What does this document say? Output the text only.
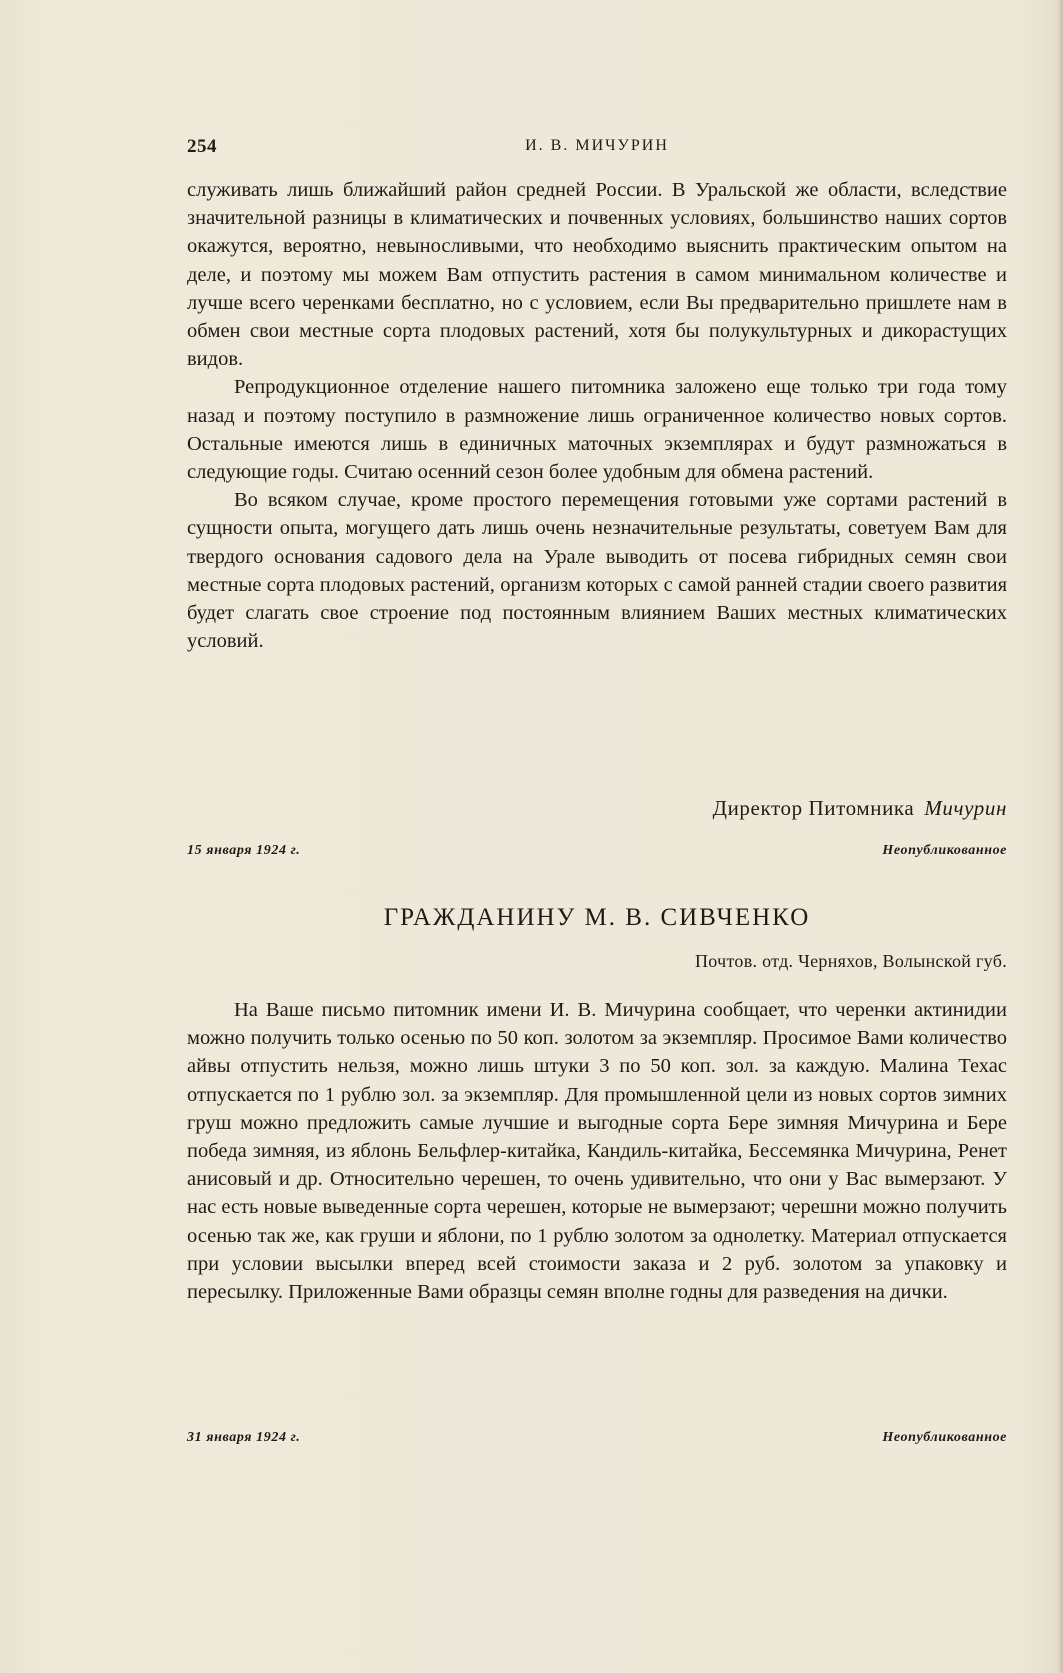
254	И. В. МИЧУРИН

служивать лишь ближайший район средней России. В Уральской же области, вследствие значительной разницы в климатических и почвенных условиях, большинство наших сортов окажутся, вероятно, невыносливыми, что необходимо выяснить практическим опытом на деле, и поэтому мы можем Вам отпустить растения в самом минимальном количестве и лучше всего черенками бесплатно, но с условием, если Вы предварительно пришлете нам в обмен свои местные сорта плодовых растений, хотя бы полукультурных и дикорастущих видов.

Репродукционное отделение нашего питомника заложено еще только три года тому назад и поэтому поступило в размножение лишь ограниченное количество новых сортов. Остальные имеются лишь в единичных маточных экземплярах и будут размножаться в следующие годы. Считаю осенний сезон более удобным для обмена растений.

Во всяком случае, кроме простого перемещения готовыми уже сортами растений в сущности опыта, могущего дать лишь очень незначительные результаты, советуем Вам для твердого основания садового дела на Урале выводить от посева гибридных семян свои местные сорта плодовых растений, организм которых с самой ранней стадии своего развития будет слагать свое строение под постоянным влиянием Ваших местных климатических условий.

Директор Питомника Мичурин
15 января 1924 г.	Неопубликованное
ГРАЖДАНИНУ М. В. СИВЧЕНКО
Почтов. отд. Черняхов, Волынской губ.

На Ваше письмо питомник имени И. В. Мичурина сообщает, что черенки актинидии можно получить только осенью по 50 коп. золотом за экземпляр. Просимое Вами количество айвы отпустить нельзя, можно лишь штуки 3 по 50 коп. зол. за каждую. Малина Техас отпускается по 1 рублю зол. за экземпляр. Для промышленной цели из новых сортов зимних груш можно предложить самые лучшие и выгодные сорта Бере зимняя Мичурина и Бере победа зимняя, из яблонь Бельфлер-китайка, Кандиль-китайка, Бессемянка Мичурина, Ренет анисовый и др. Относительно черешен, то очень удивительно, что они у Вас вымерзают. У нас есть новые выведенные сорта черешен, которые не вымерзают; черешни можно получить осенью так же, как груши и яблони, по 1 рублю золотом за однолетку. Материал отпускается при условии высылки вперед всей стоимости заказа и 2 руб. золотом за упаковку и пересылку. Приложенные Вами образцы семян вполне годны для разведения на дички.

31 января 1924 г.	Неопубликованное
